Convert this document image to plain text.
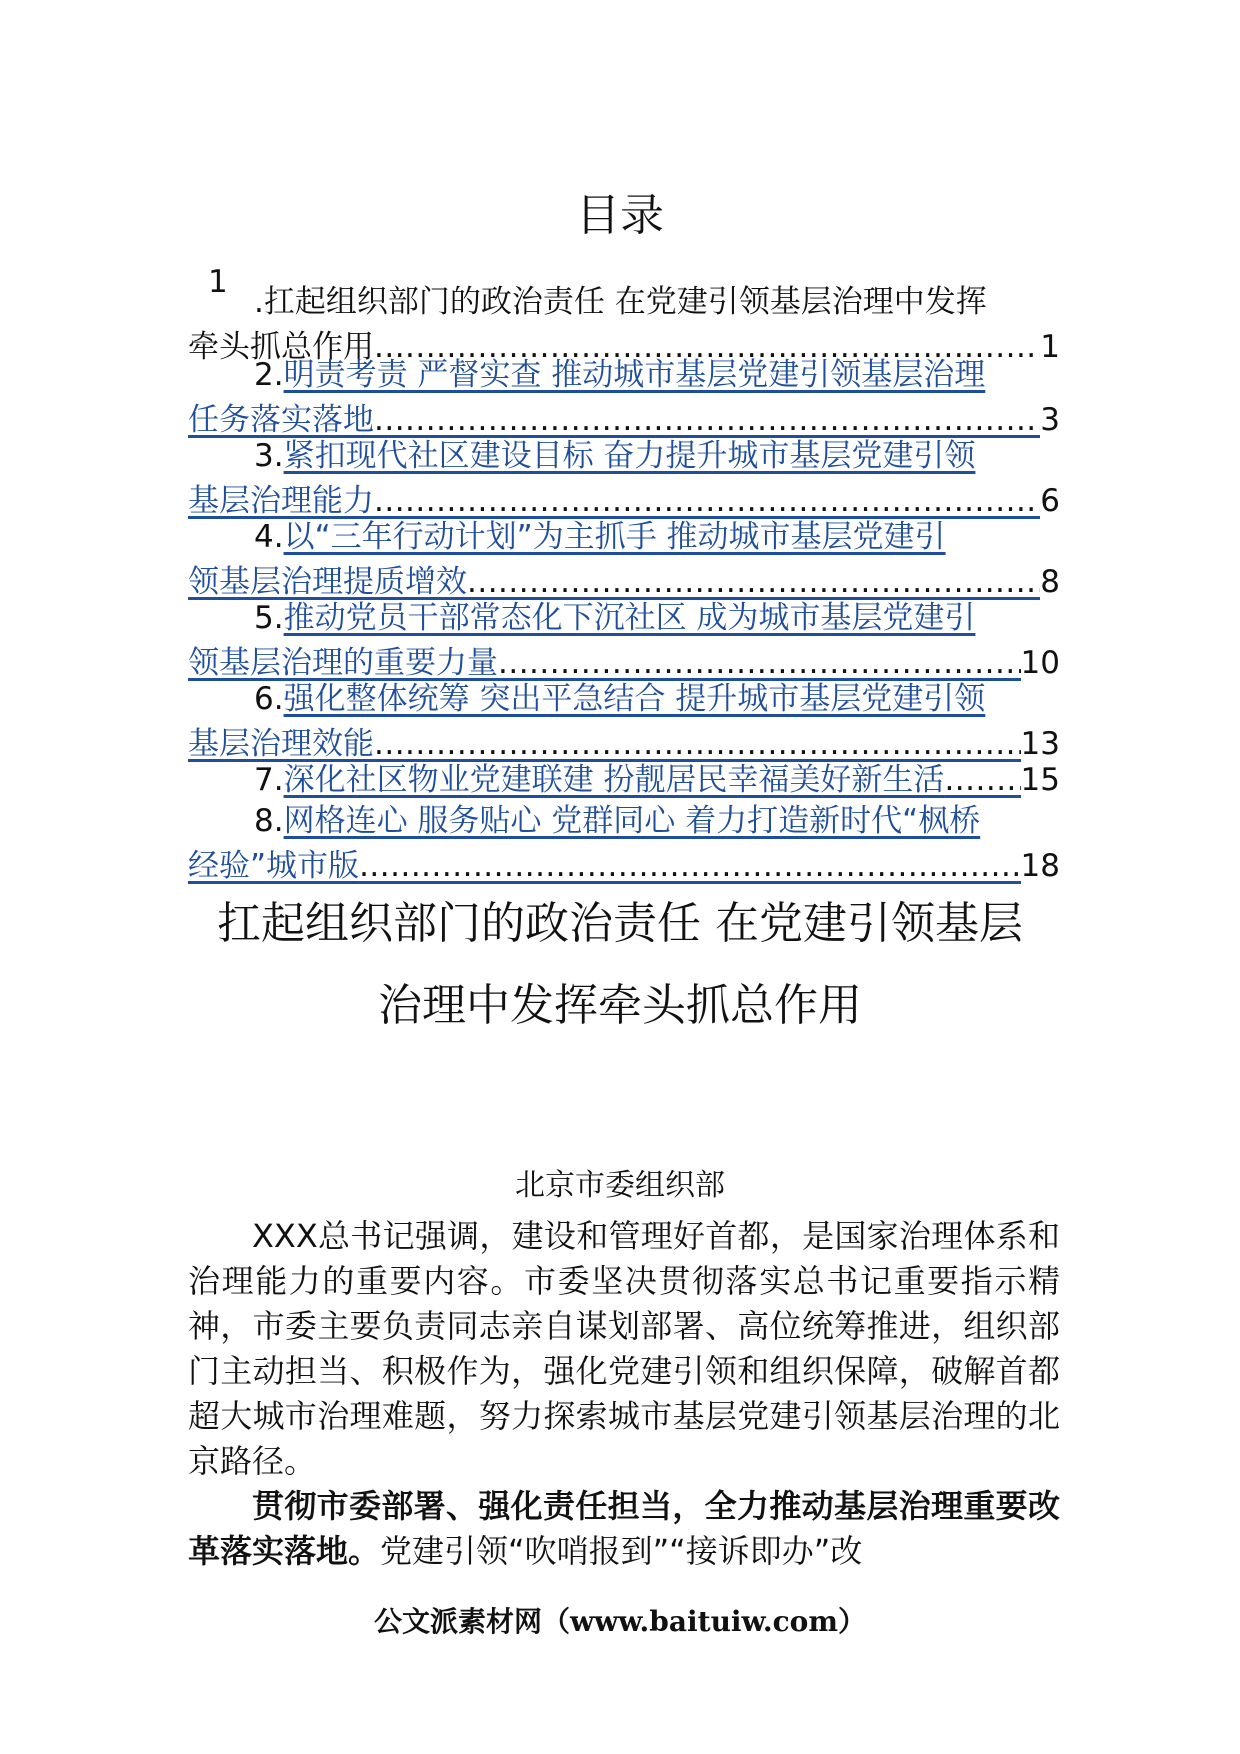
目录
1
.扛起组织部门的政治责任 在党建引领基层治理中发挥
牵头抓总作用 .....	1
2. 明责考责 严督实查 推动城市基层党建引领基层治理
任务落实落地 .....	3
3. 紧扣现代社区建设目标 奋力提升城市基层党建引领
基层治理能力 .....	6
4. 以“三年行动计划”为主抓手 推动城市基层党建引
领基层治理提质增效 .....	8
5. 推动党员干部常态化下沉社区 成为城市基层党建引
领基层治理的重要力量 .....	10
6. 强化整体统筹 突出平急结合 提升城市基层党建引领
基层治理效能 .....	13
7. 深化社区物业党建联建 扮靓居民幸福美好新生活 ..... 15
8. 网格连心 服务贴心 党群同心 着力打造新时代“枫桥
经验”城市版 .....	18
扛起组织部门的政治责任 在党建引领基层
治理中发挥牵头抓总作用
北京市委组织部

XXX总书记强调，建设和管理好首都，是国家治理体系和治理能力的重要内容。市委坚决贯彻落实总书记重要指示精神，市委主要负责同志亲自谋划部署、高位统筹推进，组织部门主动担当、积极作为，强化党建引领和组织保障，破解首都超大城市治理难题，努力探索城市基层党建引领基层治理的北京路径。

贯彻市委部署、强化责任担当，全力推动基层治理重要改革落实落地。党建引领“吹哨报到”“接诉即办”改

公文派素材网（www.baituiw.com）
